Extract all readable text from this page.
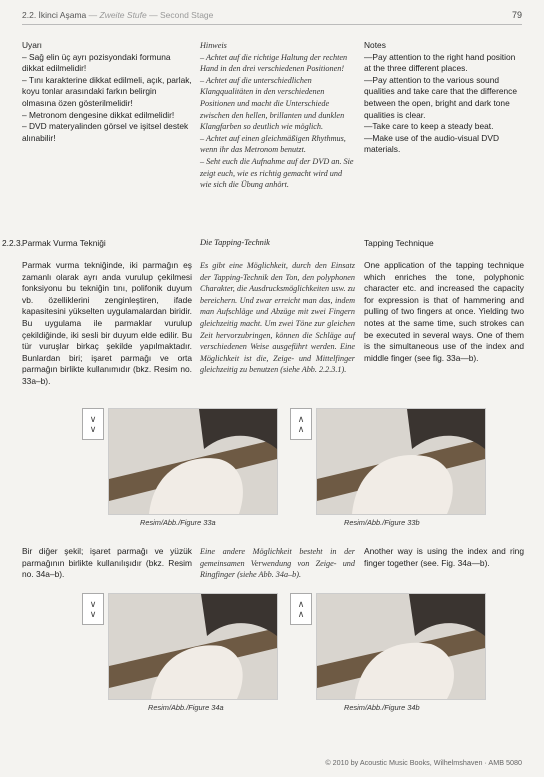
2.2. İkinci Aşama — Zweite Stufe — Second Stage	79
Uyarı
– Sağ elin üç ayrı pozisyondaki formuna dikkat edilmelidir!
– Tını karakterine dikkat edilmeli, açık, parlak, koyu tonlar arasındaki farkın belirgin olmasına özen gösterilmelidir!
– Metronom dengesine dikkat edilmelidir!
– DVD materyalinden görsel ve işitsel destek alınabilir!
Hinweis
– Achtet auf die richtige Haltung der rechten Hand in den drei verschiedenen Positionen!
– Achtet auf die unterschiedlichen Klangqualitäten in den verschiedenen Positionen und macht die Unterschiede zwischen den hellen, brillanten und dunklen Klangfarben so deutlich wie möglich.
– Achtet auf einen gleichmäßigen Rhythmus, wenn ihr das Metronom benutzt.
– Seht euch die Aufnahme auf der DVD an. Sie zeigt euch, wie es richtig gemacht wird und wie sich die Übung anhört.
Notes
—Pay attention to the right hand position at the three different places.
—Pay attention to the various sound qualities and take care that the difference between the open, bright and dark tone qualities is clear.
—Take care to keep a steady beat.
—Make use of the audio-visual DVD materials.
2.2.3. Parmak Vurma Tekniği	Die Tapping-Technik	Tapping Technique
Parmak vurma tekniğinde, iki parmağın eş zamanlı olarak ayrı anda vurulup çekilmesi fonksiyonu bu tekniğin tını, polifonik duyum vb. özelliklerini zenginleştiren, ifade kapasitesini yükselten uygulamalardan biridir. Bu uygulama ile parmaklar vurulup çekildiğinde, iki sesli bir duyum elde edilir. Bu tür vuruşlar birkaç şekilde yapılmaktadır. Bunlardan biri; işaret parmağı ve orta parmağın birlikte kullanımıdır (bkz. Resim no. 33a–b).
Es gibt eine Möglichkeit, durch den Einsatz der Tapping-Technik den Ton, den polyphonen Charakter, die Ausdrucksmöglichkeiten usw. zu bereichern. Und zwar erreicht man das, indem man Aufschläge und Abzüge mit zwei Fingern gleichzeitig macht. Um zwei Töne zur gleichen Zeit hervorzubringen, können die Schläge auf verschiedenen Weise ausgeführt werden. Eine Möglichkeit ist die, Zeige- und Mittelfinger gleichzeitig zu benutzen (siehe Abb. 2.2.3.1).
One application of the tapping technique which enriches the tone, polyphonic character etc. and increased the capacity for expression is that of hammering and pulling of two fingers at once. Yielding two notes at the same time, such strokes can be executed in several ways. One of them is the simultaneous use of the index and middle finger (see fig. 33a—b).
∨
∨
∧
∧
Resim/Abb./Figure 33a	Resim/Abb./Figure 33b
Bir diğer şekil; işaret parmağı ve yüzük parmağının birlikte kullanılışıdır (bkz. Resim no. 34a–b).
Eine andere Möglichkeit besteht in der gemeinsamen Verwendung von Zeige- und Ringfinger (siehe Abb. 34a–b).
Another way is using the index and ring finger together (see. Fig. 34a—b).
∨
∨
∧
∧
Resim/Abb./Figure 34a	Resim/Abb./Figure 34b
© 2010 by Acoustic Music Books, Wilhelmshaven · AMB 5080
